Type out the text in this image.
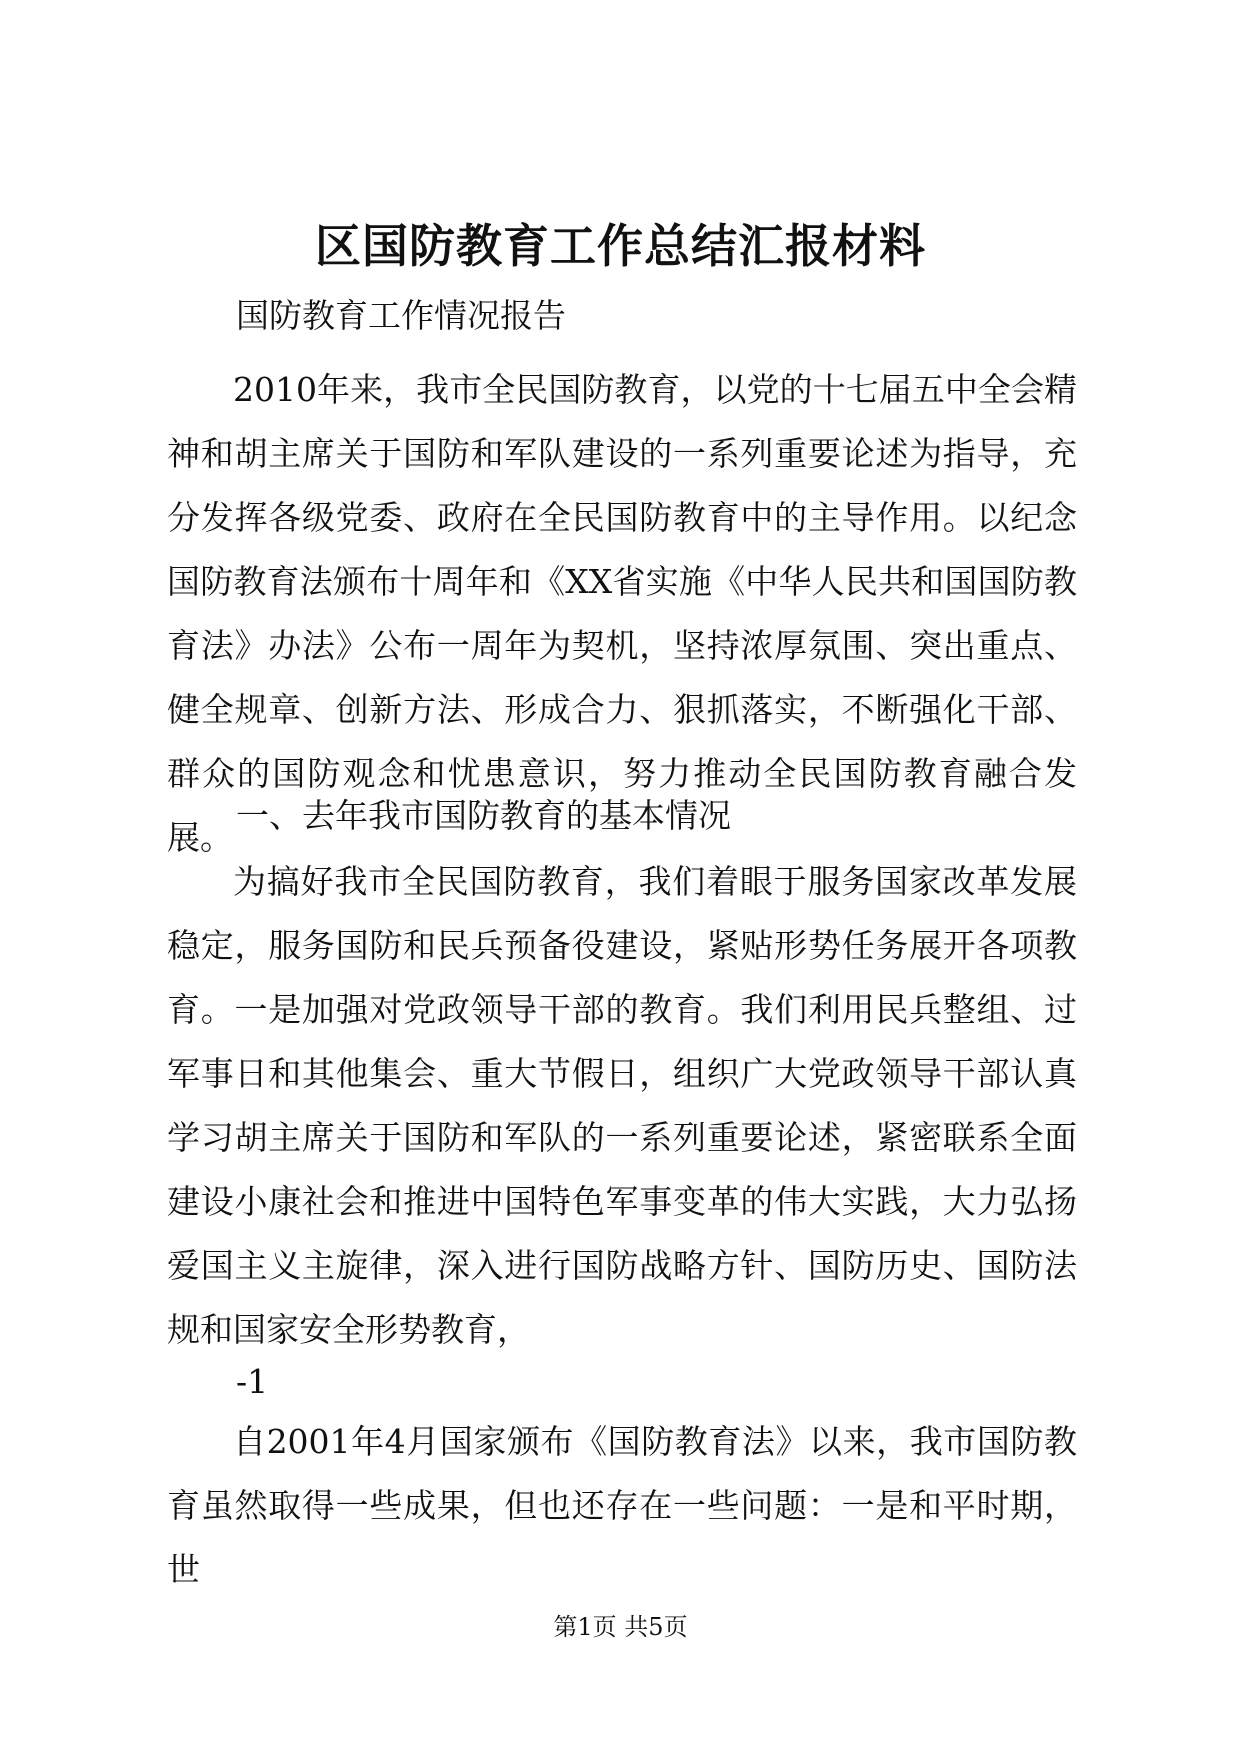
区国防教育工作总结汇报材料
国防教育工作情况报告
2010年来，我市全民国防教育，以党的十七届五中全会精神和胡主席关于国防和军队建设的一系列重要论述为指导，充分发挥各级党委、政府在全民国防教育中的主导作用。以纪念国防教育法颁布十周年和《XX省实施《中华人民共和国国防教育法》办法》公布一周年为契机，坚持浓厚氛围、突出重点、健全规章、创新方法、形成合力、狠抓落实，不断强化干部、群众的国防观念和忧患意识，努力推动全民国防教育融合发展。
一、去年我市国防教育的基本情况
为搞好我市全民国防教育，我们着眼于服务国家改革发展稳定，服务国防和民兵预备役建设，紧贴形势任务展开各项教育。一是加强对党政领导干部的教育。我们利用民兵整组、过军事日和其他集会、重大节假日，组织广大党政领导干部认真学习胡主席关于国防和军队的一系列重要论述，紧密联系全面建设小康社会和推进中国特色军事变革的伟大实践，大力弘扬爱国主义主旋律，深入进行国防战略方针、国防历史、国防法规和国家安全形势教育，
-1
自2001年4月国家颁布《国防教育法》以来，我市国防教育虽然取得一些成果，但也还存在一些问题：一是和平时期，世
第1页 共5页
